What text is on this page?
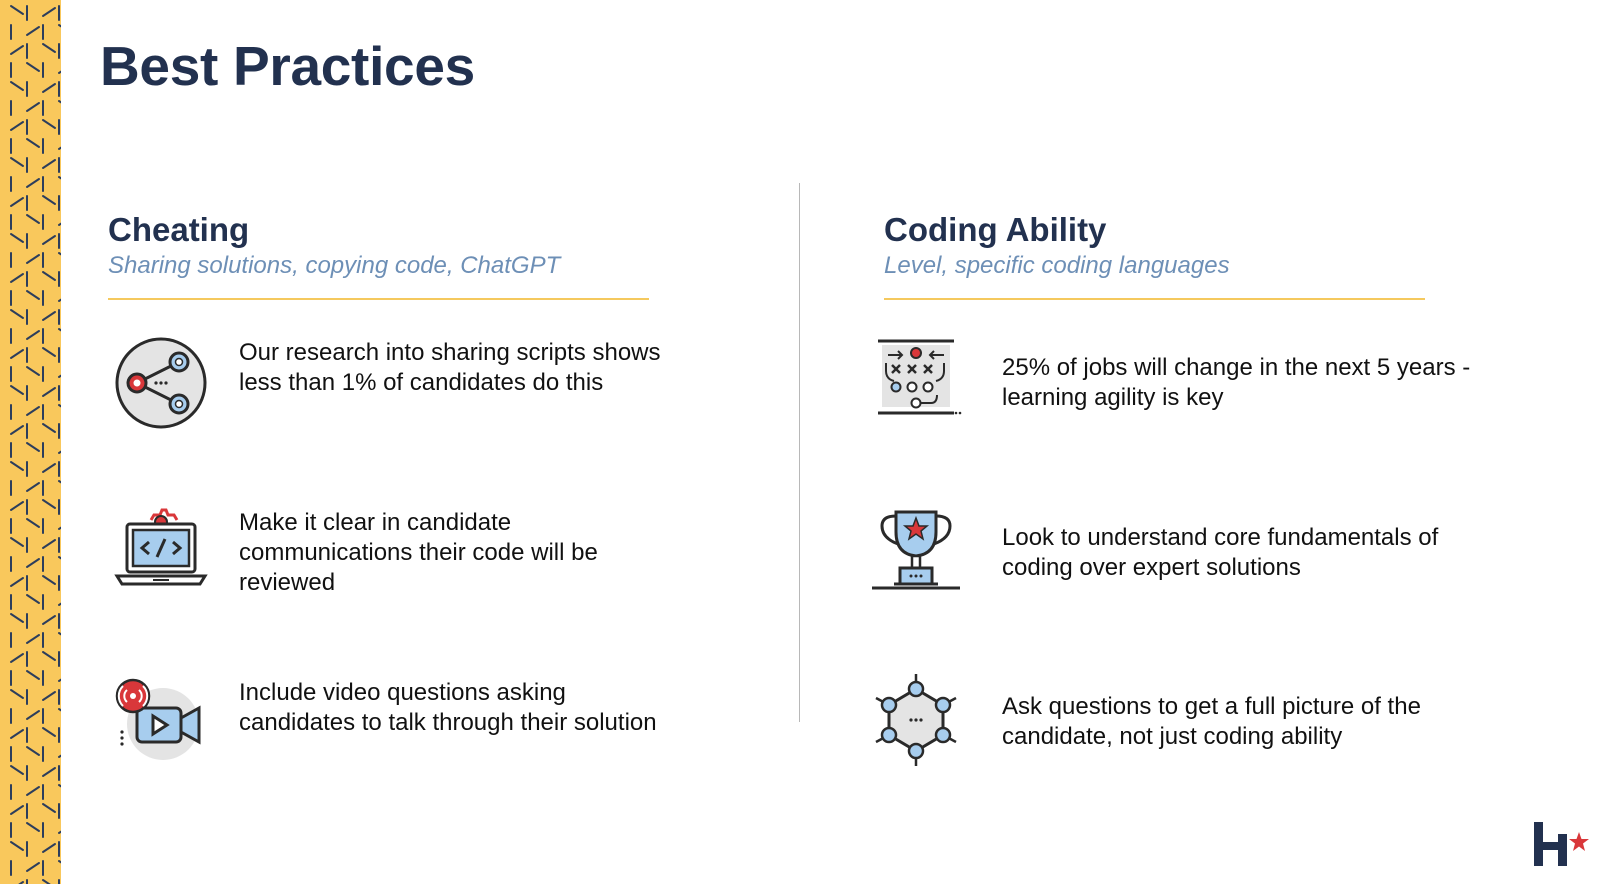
Best Practices
Cheating
Sharing solutions, copying code, ChatGPT
Our research into sharing scripts shows less than 1% of candidates do this
Make it clear in candidate communications their code will be reviewed
Include video questions asking candidates to talk through their solution
Coding Ability
Level, specific coding languages
25% of jobs will change in the next 5 years - learning agility is key
Look to understand core fundamentals of coding over expert solutions
Ask questions to get a full picture of the candidate, not just coding ability
